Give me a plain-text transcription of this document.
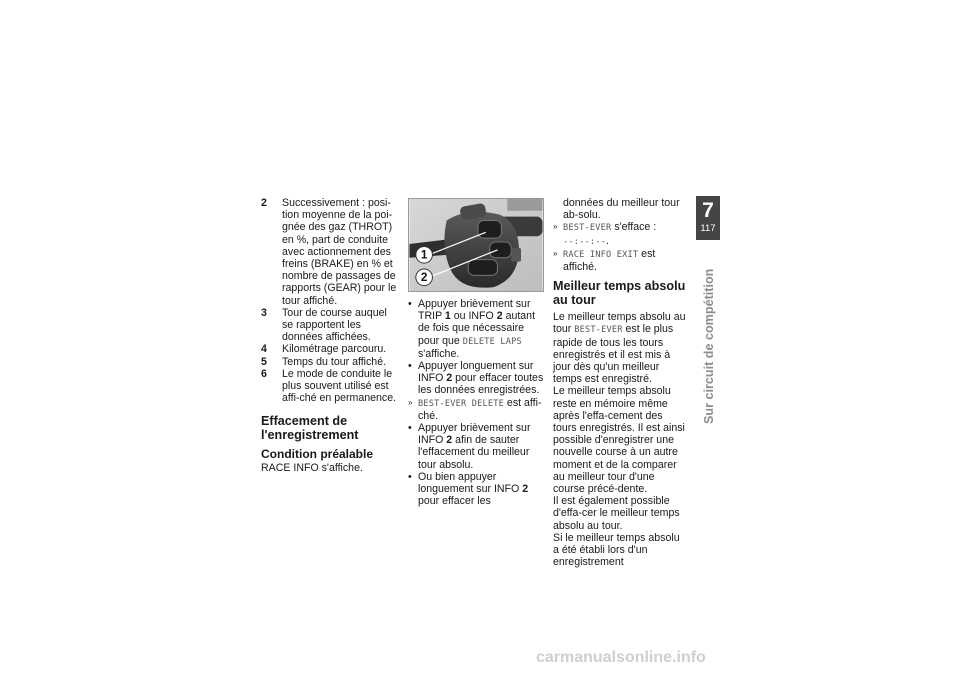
2	Successivement : posi-tion moyenne de la poi-gnée des gaz (THROT) en %, part de conduite avec actionnement des freins (BRAKE) en % et nombre de passages de rapports (GEAR) pour le tour affiché.
3	Tour de course auquel se rapportent les données affichées.
4	Kilométrage parcouru.
5	Temps du tour affiché.
6	Le mode de conduite le plus souvent utilisé est affi-ché en permanence.
Effacement de l'enregistrement
Condition préalable

RACE INFO s'affiche.

1
2
• Appuyer brièvement sur TRIP 1 ou INFO 2 autant de fois que nécessaire pour que DELETE LAPS s'affiche.
• Appuyer longuement sur INFO 2 pour effacer toutes les données enregistrées.
» BEST-EVER DELETE est affi-ché.
• Appuyer brièvement sur INFO 2 afin de sauter l'effacement du meilleur tour absolu.
• Ou bien appuyer longuement sur INFO 2 pour effacer les

données du meilleur tour ab-solu.

» BEST-EVER s'efface :
--:--:--.
» RACE INFO EXIT est affiché.
Meilleur temps absolu au tour

Le meilleur temps absolu au tour BEST-EVER est le plus rapide de tous les tours enregistrés et il est mis à jour dès qu'un meilleur temps est enregistré.

Le meilleur temps absolu reste en mémoire même après l'effa-cement des tours enregistrés. Il est ainsi possible d'enregistrer une nouvelle course à un autre moment et de la comparer au meilleur tour d'une course précé-dente.

Il est également possible d'effa-cer le meilleur temps absolu au tour.

Si le meilleur temps absolu a été établi lors d'un enregistrement

7
117
Sur circuit de compétition
carmanualsonline.info
